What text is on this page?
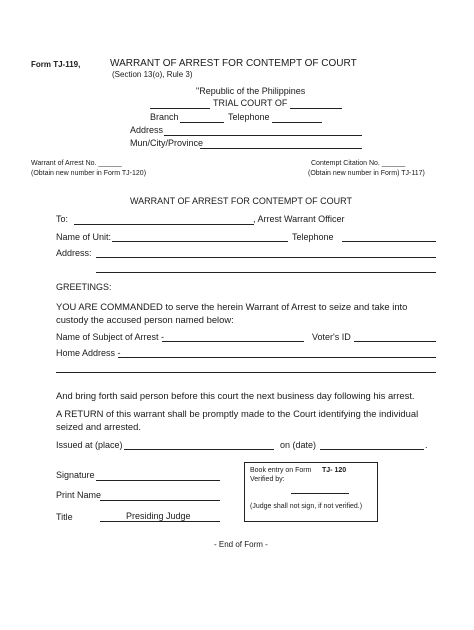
Form TJ-119,	WARRANT OF ARREST FOR CONTEMPT OF COURT
(Section 13(o), Rule 3)
"Republic of the Philippines
TRIAL COURT OF
Branch	Telephone
Address
Mun/City/Province
Warrant of Arrest No. ______
(Obtain new number in Form TJ-120)
Contempt Citation No. ______
(Obtain new number in Form) TJ-117)
WARRANT OF ARREST FOR CONTEMPT OF COURT
To:	, Arrest Warrant Officer
Name of Unit:	Telephone
Address:
GREETINGS:
YOU ARE COMMANDED to serve the herein Warrant of Arrest to seize and take into custody the accused person named below:
Name of Subject of Arrest -	Voter's ID
Home Address -
And bring forth said person before this court the next business day following his arrest.
A RETURN of this warrant shall be promptly made to the Court identifying the individual seized and arrested.
Issued at (place)	on (date)	.
Signature
Print Name
Title	Presiding Judge
Book entry on Form TJ- 120
Verified by:
(Judge shall not sign, if not verified.)
- End of Form -
